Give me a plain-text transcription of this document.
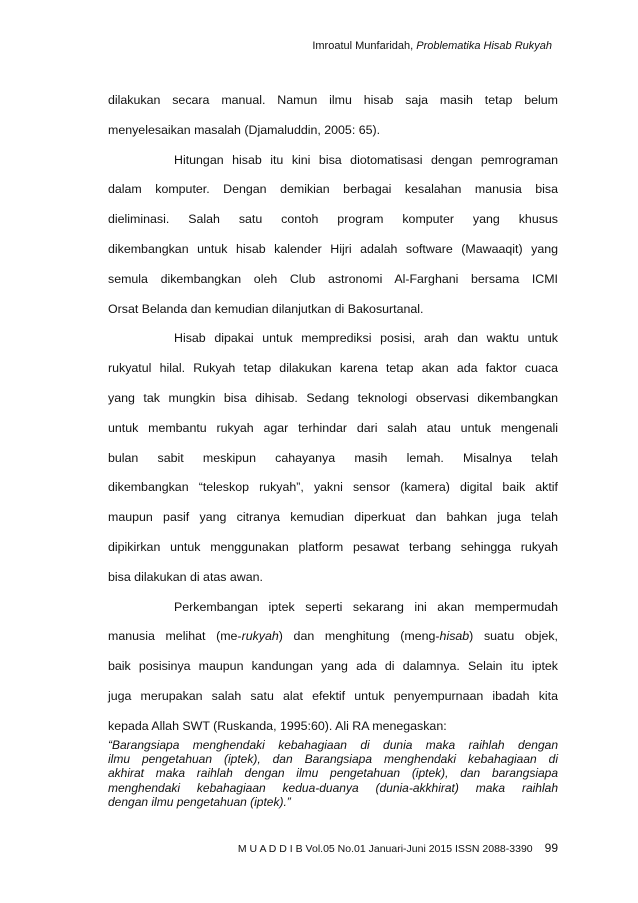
Imroatul Munfaridah, Problematika Hisab Rukyah
dilakukan secara manual. Namun ilmu hisab saja masih tetap belum
menyelesaikan masalah (Djamaluddin, 2005: 65).
Hitungan hisab itu kini bisa diotomatisasi dengan pemrograman
dalam komputer. Dengan demikian berbagai kesalahan manusia bisa
dieliminasi. Salah satu contoh program komputer yang khusus
dikembangkan untuk hisab kalender Hijri adalah software (Mawaaqit) yang
semula dikembangkan oleh Club astronomi Al-Farghani bersama ICMI
Orsat Belanda dan kemudian dilanjutkan di Bakosurtanal.
Hisab dipakai untuk memprediksi posisi, arah dan waktu untuk
rukyatul hilal. Rukyah tetap dilakukan karena tetap akan ada faktor cuaca
yang tak mungkin bisa dihisab. Sedang teknologi observasi dikembangkan
untuk membantu rukyah agar terhindar dari salah atau untuk mengenali
bulan sabit meskipun cahayanya masih lemah. Misalnya telah
dikembangkan “teleskop rukyah”, yakni sensor (kamera) digital baik aktif
maupun pasif yang citranya kemudian diperkuat dan bahkan juga telah
dipikirkan untuk menggunakan platform pesawat terbang sehingga rukyah
bisa dilakukan di atas awan.
Perkembangan iptek seperti sekarang ini akan mempermudah
manusia melihat (me-rukyah) dan menghitung (meng-hisab) suatu objek,
baik posisinya maupun kandungan yang ada di dalamnya. Selain itu iptek
juga merupakan salah satu alat efektif untuk penyempurnaan ibadah kita
kepada Allah SWT (Ruskanda, 1995:60). Ali RA menegaskan:
“Barangsiapa menghendaki kebahagiaan di dunia maka raihlah dengan
ilmu pengetahuan (iptek), dan Barangsiapa menghendaki kebahagiaan di
akhirat maka raihlah dengan ilmu pengetahuan (iptek), dan barangsiapa
menghendaki kebahagiaan kedua-duanya (dunia-akkhirat) maka raihlah
dengan ilmu pengetahuan (iptek).”
M U A D D I B Vol.05 No.01 Januari-Juni 2015 ISSN 2088-3390 99
